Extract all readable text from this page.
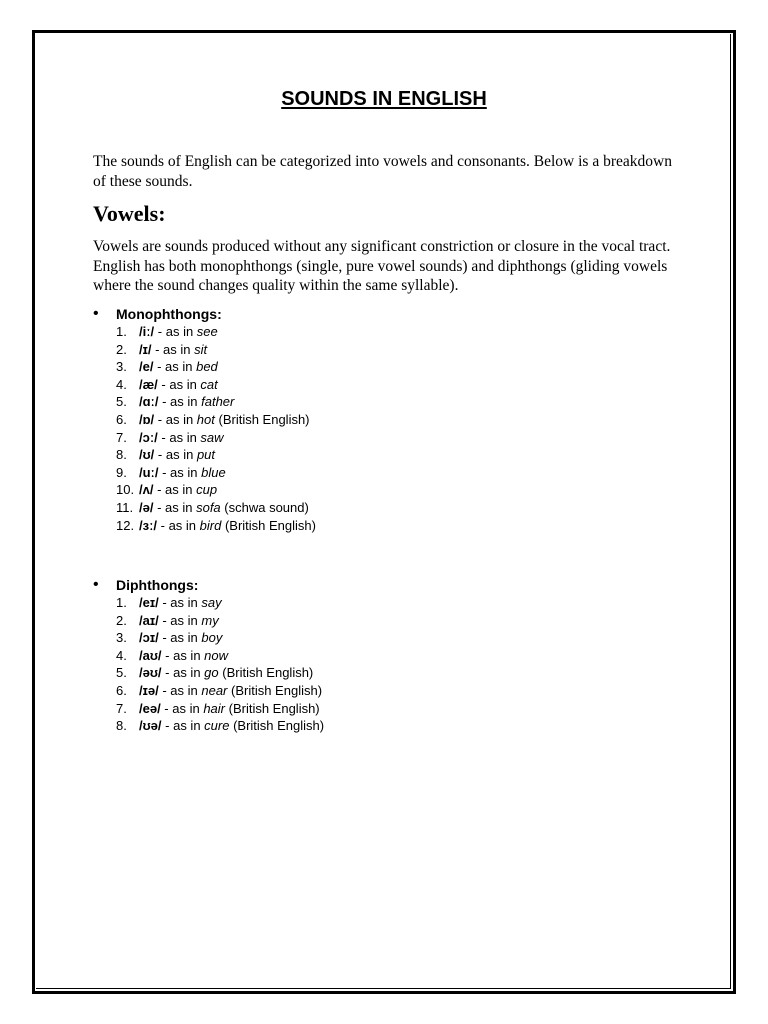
SOUNDS IN ENGLISH

The sounds of English can be categorized into vowels and consonants. Below is a breakdown of these sounds.

Vowels:

Vowels are sounds produced without any significant constriction or closure in the vocal tract. English has both monophthongs (single, pure vowel sounds) and diphthongs (gliding vowels where the sound changes quality within the same syllable).

•	Monophthongs:
1. /iː/ - as in see
2. /ɪ/ - as in sit
3. /e/ - as in bed
4. /æ/ - as in cat
5. /ɑː/ - as in father
6. /ɒ/ - as in hot (British English)
7. /ɔː/ - as in saw
8. /ʊ/ - as in put
9. /uː/ - as in blue
10. /ʌ/ - as in cup
11. /ə/ - as in sofa (schwa sound)
12. /ɜː/ - as in bird (British English)
•	Diphthongs:
1. /eɪ/ - as in say
2. /aɪ/ - as in my
3. /ɔɪ/ - as in boy
4. /aʊ/ - as in now
5. /əʊ/ - as in go (British English)
6. /ɪə/ - as in near (British English)
7. /eə/ - as in hair (British English)
8. /ʊə/ - as in cure (British English)
